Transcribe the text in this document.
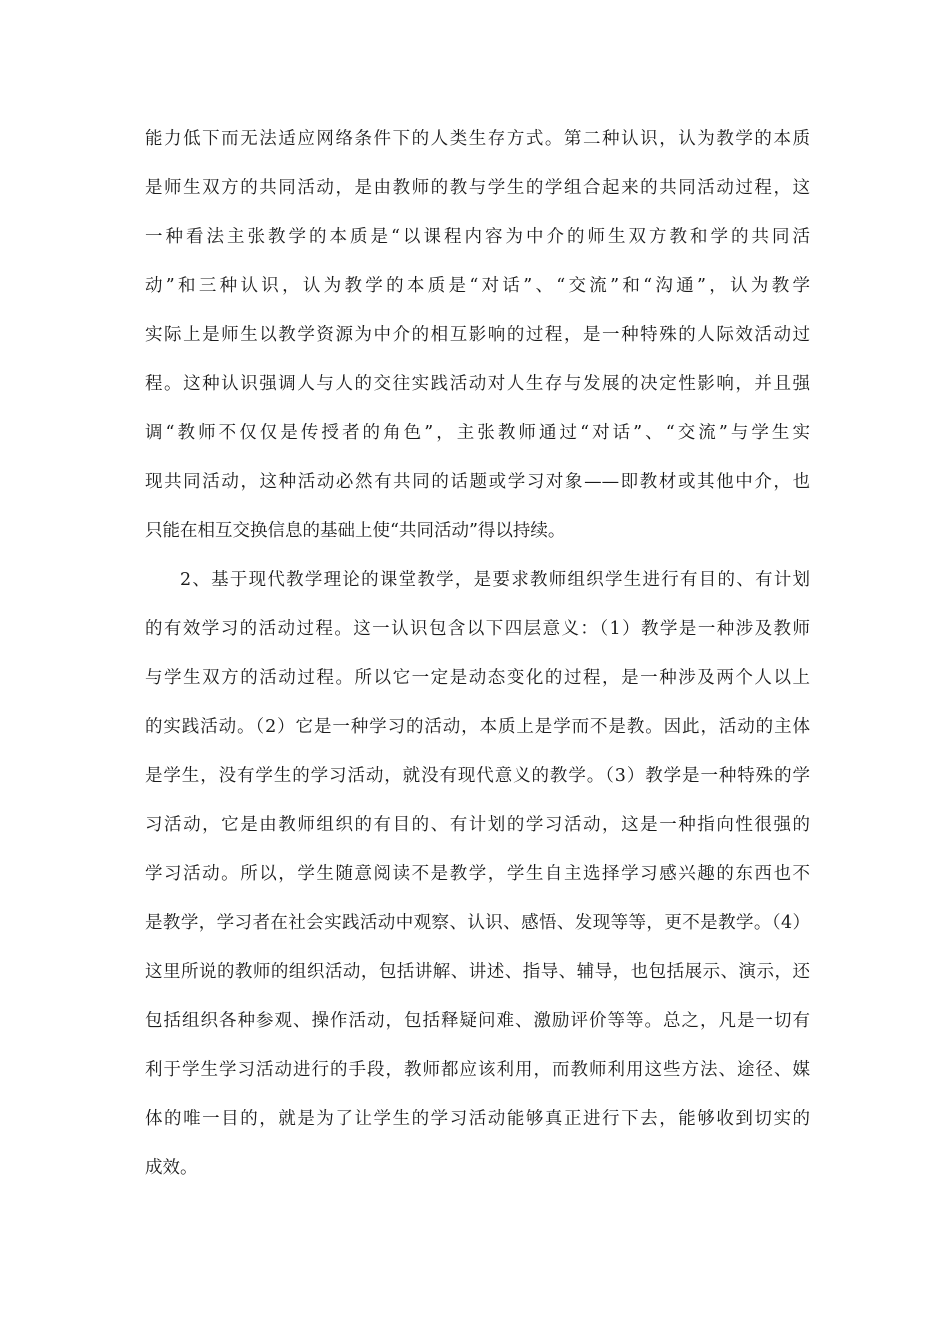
能力低下而无法适应网络条件下的人类生存方式。第二种认识，认为教学的本质
是师生双方的共同活动，是由教师的教与学生的学组合起来的共同活动过程，这
一种看法主张教学的本质是“以课程内容为中介的师生双方教和学的共同活
动”和三种认识，认为教学的本质是“对话”、“交流”和“沟通”，认为教学
实际上是师生以教学资源为中介的相互影响的过程，是一种特殊的人际效活动过
程。这种认识强调人与人的交往实践活动对人生存与发展的决定性影响，并且强
调“教师不仅仅是传授者的角色”，主张教师通过“对话”、“交流”与学生实
现共同活动，这种活动必然有共同的话题或学习对象——即教材或其他中介，也
只能在相互交换信息的基础上使“共同活动”得以持续。
2、基于现代教学理论的课堂教学，是要求教师组织学生进行有目的、有计划
的有效学习的活动过程。这一认识包含以下四层意义：（1）教学是一种涉及教师
与学生双方的活动过程。所以它一定是动态变化的过程，是一种涉及两个人以上
的实践活动。（2）它是一种学习的活动，本质上是学而不是教。因此，活动的主体
是学生，没有学生的学习活动，就没有现代意义的教学。（3）教学是一种特殊的学
习活动，它是由教师组织的有目的、有计划的学习活动，这是一种指向性很强的
学习活动。所以，学生随意阅读不是教学，学生自主选择学习感兴趣的东西也不
是教学，学习者在社会实践活动中观察、认识、感悟、发现等等，更不是教学。（4）
这里所说的教师的组织活动，包括讲解、讲述、指导、辅导，也包括展示、演示，还
包括组织各种参观、操作活动，包括释疑问难、激励评价等等。总之，凡是一切有
利于学生学习活动进行的手段，教师都应该利用，而教师利用这些方法、途径、媒
体的唯一目的，就是为了让学生的学习活动能够真正进行下去，能够收到切实的
成效。
